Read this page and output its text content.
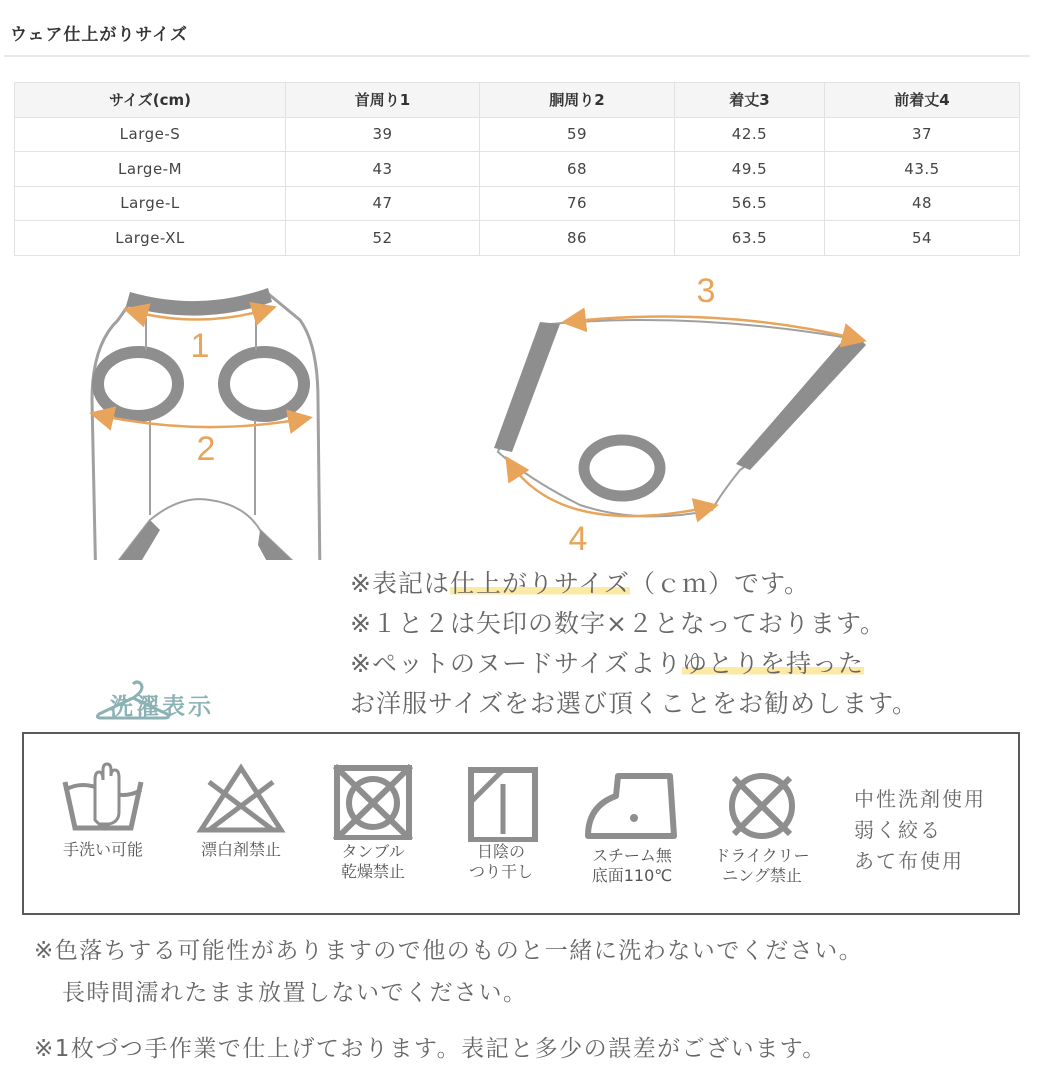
ウェア仕上がりサイズ
サイズ(cm)	首周り1	胴周り2	着丈3	前着丈4
Large-S	39	59	42.5	37
Large-M	43	68	49.5	43.5
Large-L	47	76	56.5	48
Large-XL	52	86	63.5	54
1
2
3
4
※表記は仕上がりサイズ（ｃｍ）です。
※１と２は矢印の数字×２となっております。
※ペットのヌードサイズよりゆとりを持った
お洋服サイズをお選び頂くことをお勧めします。
洗濯表示
手洗い可能	漂白剤禁止	タンブル
乾燥禁止
日陰の
つり干し
スチーム無
底面110℃
ドライクリー
ニング禁止
中性洗剤使用
弱く絞る
あて布使用
※色落ちする可能性がありますので他のものと一緒に洗わないでください。
長時間濡れたまま放置しないでください。
※1枚づつ手作業で仕上げております。表記と多少の誤差がございます。
